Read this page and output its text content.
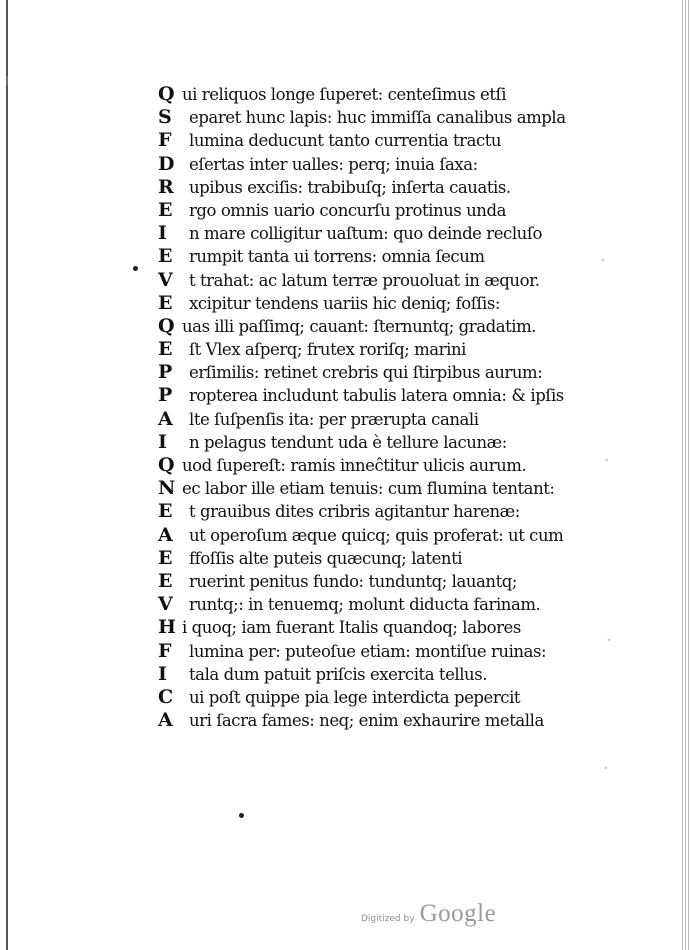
Q ui reliquos longe ſuperet: centeſimus etſi
S eparet hunc lapis: huc immiſſa canalibus ampla
F lumina deducunt tanto currentia tractu
D eſertas inter ualles: perq; inuia ſaxa:
R upibus exciſis: trabibuſq; inſerta cauatis.
E rgo omnis uario concurſu protinus unda
I n mare colligitur uaſtum: quo deinde recluſo
E rumpit tanta ui torrens: omnia ſecum
V t trahat: ac latum terræ prouoluat in æquor.
E xcipitur tendens uariis hic deniq; foſſis:
Q uas illi paſſimq; cauant: ſternuntq; gradatim.
E ſt Vlex aſperq; frutex roriſq; marini
P erſimilis: retinet crebris qui ſtirpibus aurum:
P ropterea includunt tabulis latera omnia: & ipſis
A lte ſuſpenſis ita: per prærupta canali
I n pelagus tendunt uda è tellure lacunæ:
Q uod ſupereſt: ramis inneĉtitur ulicis aurum.
N ec labor ille etiam tenuis: cum flumina tentant:
E t grauibus dites cribris agitantur harenæ:
A ut operoſum æque quicq; quis proferat: ut cum
E ffoſſis alte puteis quæcunq; latenti
E ruerint penitus fundo: tunduntq; lauantq;
V runtq;: in tenuemq; molunt diducta farinam.
H i quoq; iam fuerant Italis quandoq; labores
F lumina per: puteoſue etiam: montiſue ruinas:
I tala dum patuit priſcis exercita tellus.
C ui poſt quippe pia lege interdicta pepercit
A uri ſacra fames: neq; enim exhaurire metalla
·
·
·
·
Digitized by Google
